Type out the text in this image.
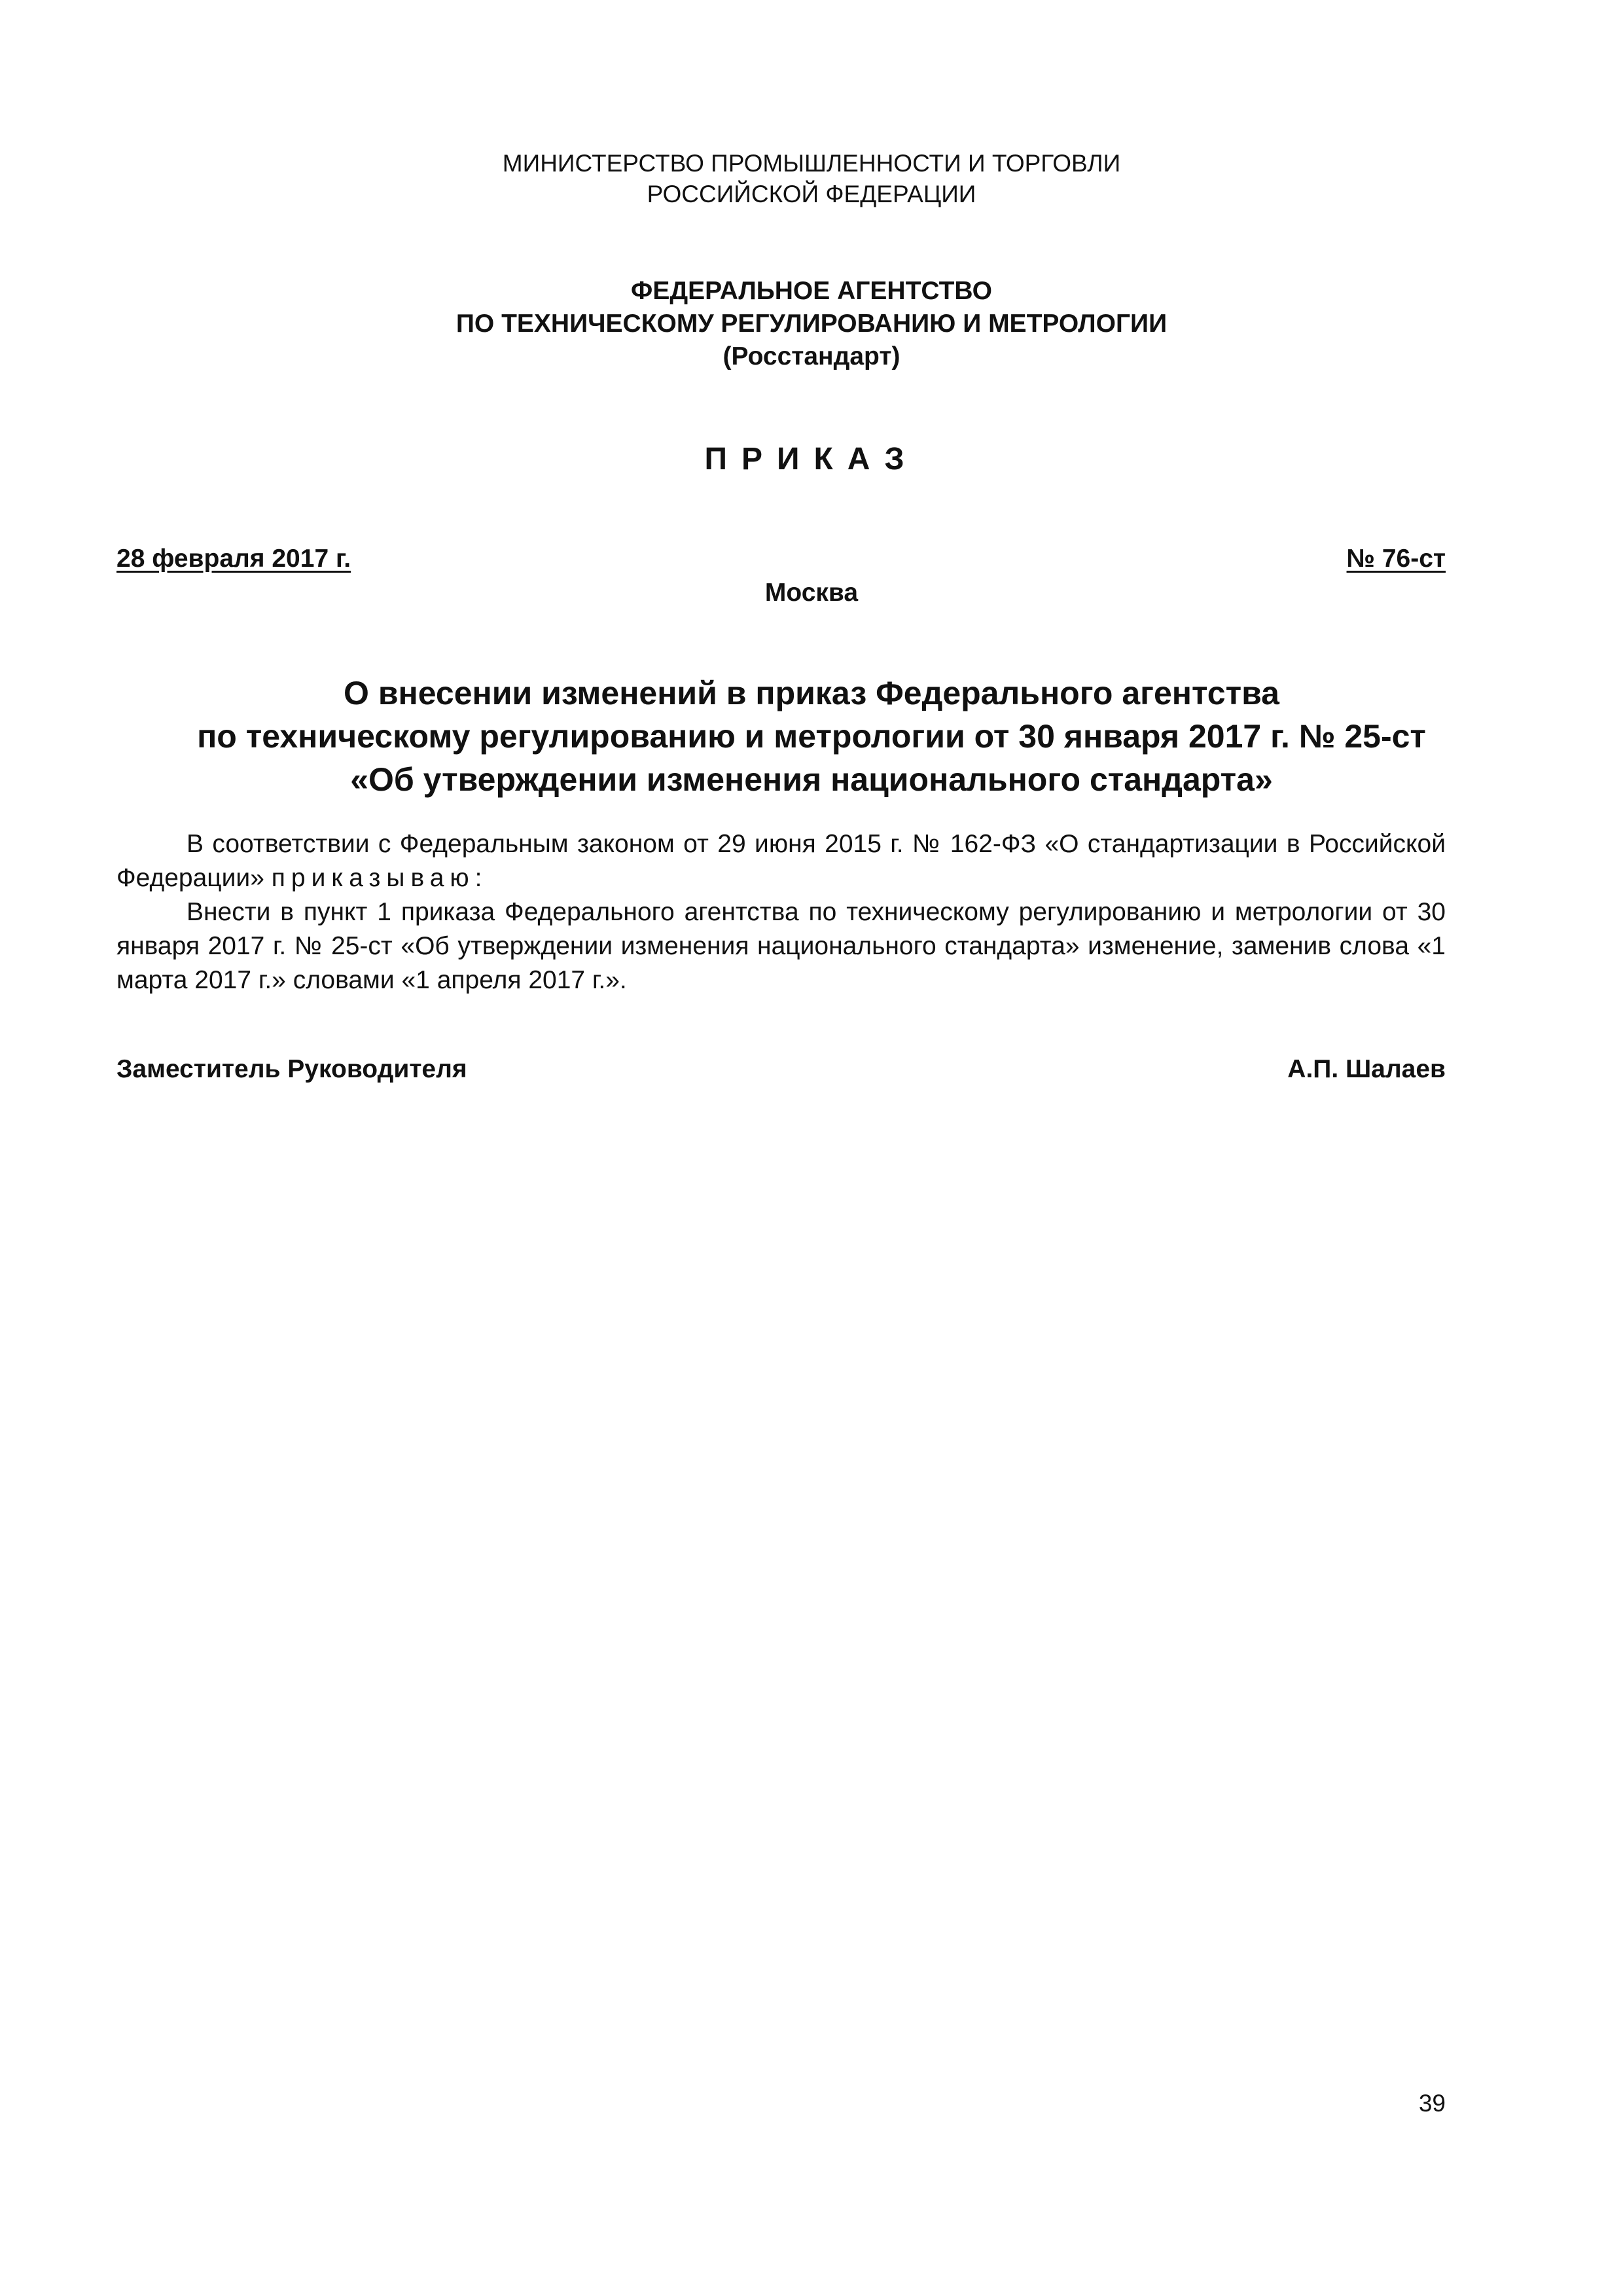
МИНИСТЕРСТВО ПРОМЫШЛЕННОСТИ И ТОРГОВЛИ
РОССИЙСКОЙ ФЕДЕРАЦИИ
ФЕДЕРАЛЬНОЕ АГЕНТСТВО
ПО ТЕХНИЧЕСКОМУ РЕГУЛИРОВАНИЮ И МЕТРОЛОГИИ
(Росстандарт)
ПРИКАЗ
28 февраля 2017 г.	№ 76-ст
Москва
О внесении изменений в приказ Федерального агентства
по техническому регулированию и метрологии от 30 января 2017 г. № 25-ст
«Об утверждении изменения национального стандарта»
В соответствии с Федеральным законом от 29 июня 2015 г. № 162-ФЗ «О стандартизации в Российской Федерации» приказываю:
Внести в пункт 1 приказа Федерального агентства по техническому регулированию и метрологии от 30 января 2017 г. № 25-ст «Об утверждении изменения национального стандарта» изменение, заменив слова «1 марта 2017 г.» словами «1 апреля 2017 г.».
Заместитель Руководителя	А.П. Шалаев
39
